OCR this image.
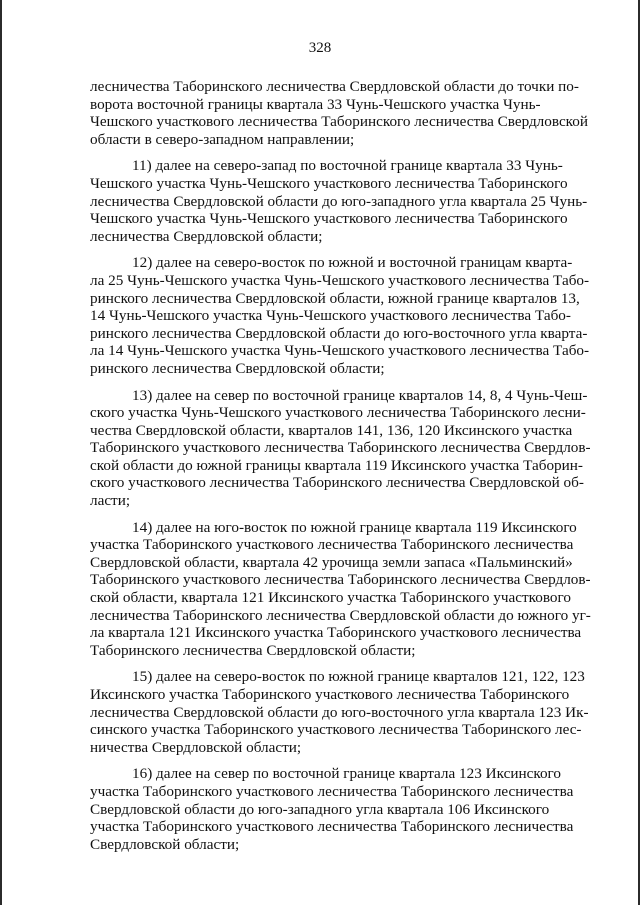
328

лесничества Таборинского лесничества Свердловской области до точки по-
ворота восточной границы квартала 33 Чунь-Чешского участка Чунь-
Чешского участкового лесничества Таборинского лесничества Свердловской
области в северо-западном направлении;

11) далее на северо-запад по восточной границе квартала 33 Чунь-
Чешского участка Чунь-Чешского участкового лесничества Таборинского
лесничества Свердловской области до юго-западного угла квартала 25 Чунь-
Чешского участка Чунь-Чешского участкового лесничества Таборинского
лесничества Свердловской области;

12) далее на северо-восток по южной и восточной границам кварта-
ла 25 Чунь-Чешского участка Чунь-Чешского участкового лесничества Табо-
ринского лесничества Свердловской области, южной границе кварталов 13,
14 Чунь-Чешского участка Чунь-Чешского участкового лесничества Табо-
ринского лесничества Свердловской области до юго-восточного угла кварта-
ла 14 Чунь-Чешского участка Чунь-Чешского участкового лесничества Табо-
ринского лесничества Свердловской области;

13) далее на север по восточной границе кварталов 14, 8, 4 Чунь-Чеш-
ского участка Чунь-Чешского участкового лесничества Таборинского лесни-
чества Свердловской области, кварталов 141, 136, 120 Иксинского участка
Таборинского участкового лесничества Таборинского лесничества Свердлов-
ской области до южной границы квартала 119 Иксинского участка Таборин-
ского участкового лесничества Таборинского лесничества Свердловской об-
ласти;

14) далее на юго-восток по южной границе квартала 119 Иксинского
участка Таборинского участкового лесничества Таборинского лесничества
Свердловской области, квартала 42 урочища земли запаса «Пальминский»
Таборинского участкового лесничества Таборинского лесничества Свердлов-
ской области, квартала 121 Иксинского участка Таборинского участкового
лесничества Таборинского лесничества Свердловской области до южного уг-
ла квартала 121 Иксинского участка Таборинского участкового лесничества
Таборинского лесничества Свердловской области;

15) далее на северо-восток по южной границе кварталов 121, 122, 123
Иксинского участка Таборинского участкового лесничества Таборинского
лесничества Свердловской области до юго-восточного угла квартала 123 Ик-
синского участка Таборинского участкового лесничества Таборинского лес-
ничества Свердловской области;

16) далее на север по восточной границе квартала 123 Иксинского
участка Таборинского участкового лесничества Таборинского лесничества
Свердловской области до юго-западного угла квартала 106 Иксинского
участка Таборинского участкового лесничества Таборинского лесничества
Свердловской области;
